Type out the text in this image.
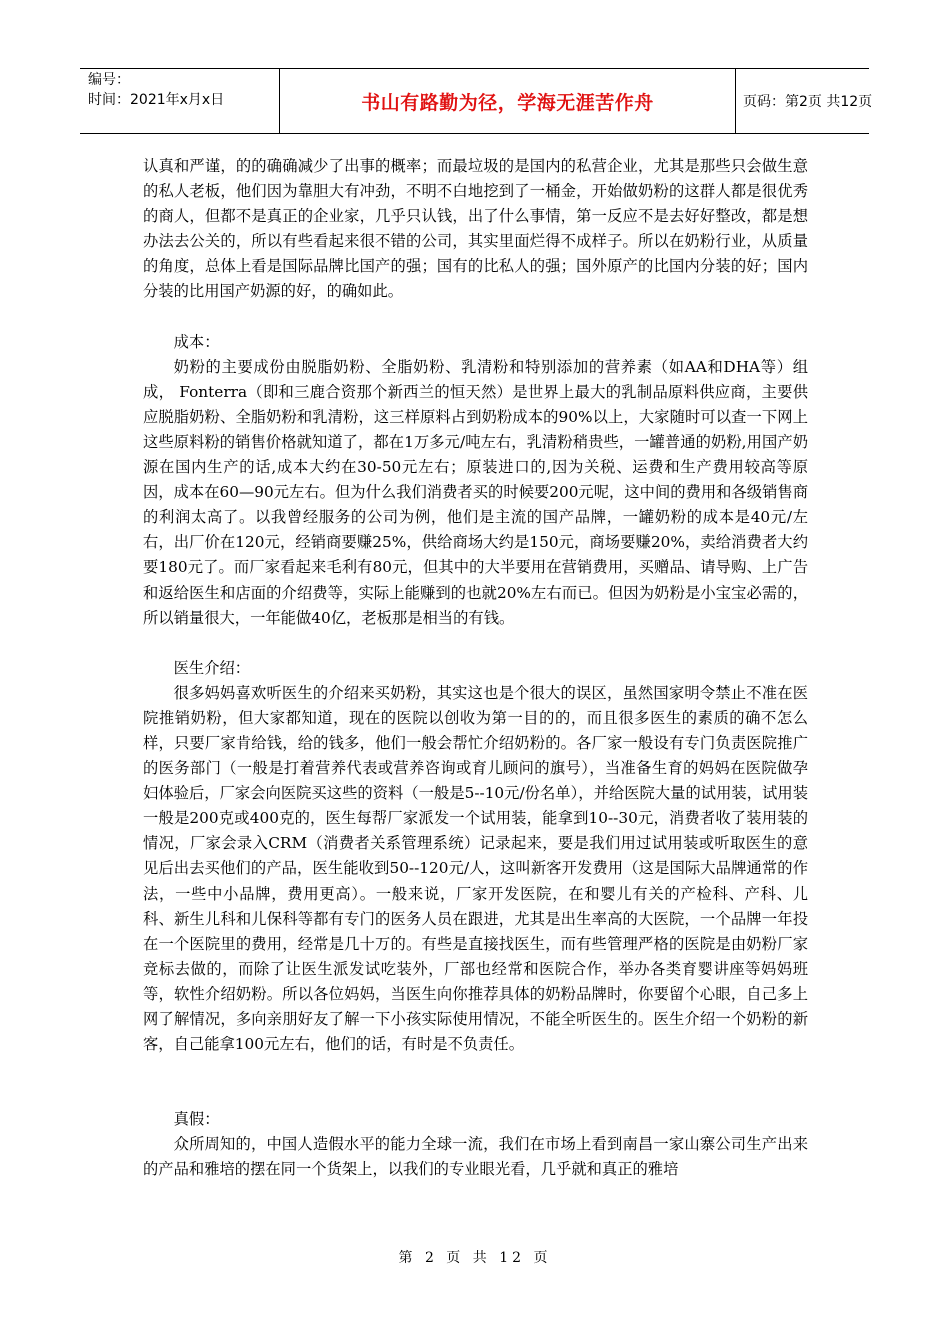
编号：
时间：2021年x月x日	书山有路勤为径，学海无涯苦作舟	页码：第2页 共12页

认真和严谨，的的确确减少了出事的概率；而最垃圾的是国内的私营企业，尤其是那些只会做生意的私人老板，他们因为靠胆大有冲劲，不明不白地挖到了一桶金，开始做奶粉的这群人都是很优秀的商人，但都不是真正的企业家，几乎只认钱，出了什么事情，第一反应不是去好好整改，都是想办法去公关的，所以有些看起来很不错的公司，其实里面烂得不成样子。所以在奶粉行业，从质量的角度，总体上看是国际品牌比国产的强；国有的比私人的强；国外原产的比国内分装的好；国内分装的比用国产奶源的好，的确如此。

成本：

奶粉的主要成份由脱脂奶粉、全脂奶粉、乳清粉和特别添加的营养素（如AA和DHA等）组成， Fonterra（即和三鹿合资那个新西兰的恒天然）是世界上最大的乳制品原料供应商，主要供应脱脂奶粉、全脂奶粉和乳清粉，这三样原料占到奶粉成本的90%以上，大家随时可以查一下网上这些原料粉的销售价格就知道了，都在1万多元/吨左右，乳清粉稍贵些，一罐普通的奶粉,用国产奶源在国内生产的话,成本大约在30-50元左右；原装进口的,因为关税、运费和生产费用较高等原因，成本在60—90元左右。但为什么我们消费者买的时候要200元呢，这中间的费用和各级销售商的利润太高了。以我曾经服务的公司为例，他们是主流的国产品牌，一罐奶粉的成本是40元/左右，出厂价在120元，经销商要赚25%，供给商场大约是150元，商场要赚20%，卖给消费者大约要180元了。而厂家看起来毛利有80元，但其中的大半要用在营销费用，买赠品、请导购、上广告和返给医生和店面的介绍费等，实际上能赚到的也就20%左右而已。但因为奶粉是小宝宝必需的，所以销量很大，一年能做40亿，老板那是相当的有钱。

医生介绍：

很多妈妈喜欢听医生的介绍来买奶粉，其实这也是个很大的误区，虽然国家明令禁止不准在医院推销奶粉，但大家都知道，现在的医院以创收为第一目的的，而且很多医生的素质的确不怎么样，只要厂家肯给钱，给的钱多，他们一般会帮忙介绍奶粉的。各厂家一般设有专门负责医院推广的医务部门（一般是打着营养代表或营养咨询或育儿顾问的旗号），当准备生育的妈妈在医院做孕妇体验后，厂家会向医院买这些的资料（一般是5--10元/份名单），并给医院大量的试用装，试用装一般是200克或400克的，医生每帮厂家派发一个试用装，能拿到10--30元，消费者收了装用装的情况，厂家会录入CRM（消费者关系管理系统）记录起来，要是我们用过试用装或听取医生的意见后出去买他们的产品，医生能收到50--120元/人，这叫新客开发费用（这是国际大品牌通常的作法，一些中小品牌，费用更高）。一般来说，厂家开发医院，在和婴儿有关的产检科、产科、儿科、新生儿科和儿保科等都有专门的医务人员在跟进，尤其是出生率高的大医院，一个品牌一年投在一个医院里的费用，经常是几十万的。有些是直接找医生，而有些管理严格的医院是由奶粉厂家竞标去做的，而除了让医生派发试吃装外，厂部也经常和医院合作，举办各类育婴讲座等妈妈班等，软性介绍奶粉。所以各位妈妈，当医生向你推荐具体的奶粉品牌时，你要留个心眼，自己多上网了解情况，多向亲朋好友了解一下小孩实际使用情况，不能全听医生的。医生介绍一个奶粉的新客，自己能拿100元左右，他们的话，有时是不负责任。

真假：

众所周知的，中国人造假水平的能力全球一流，我们在市场上看到南昌一家山寨公司生产出来的产品和雅培的摆在同一个货架上，以我们的专业眼光看，几乎就和真正的雅培

第 2 页 共 12 页
